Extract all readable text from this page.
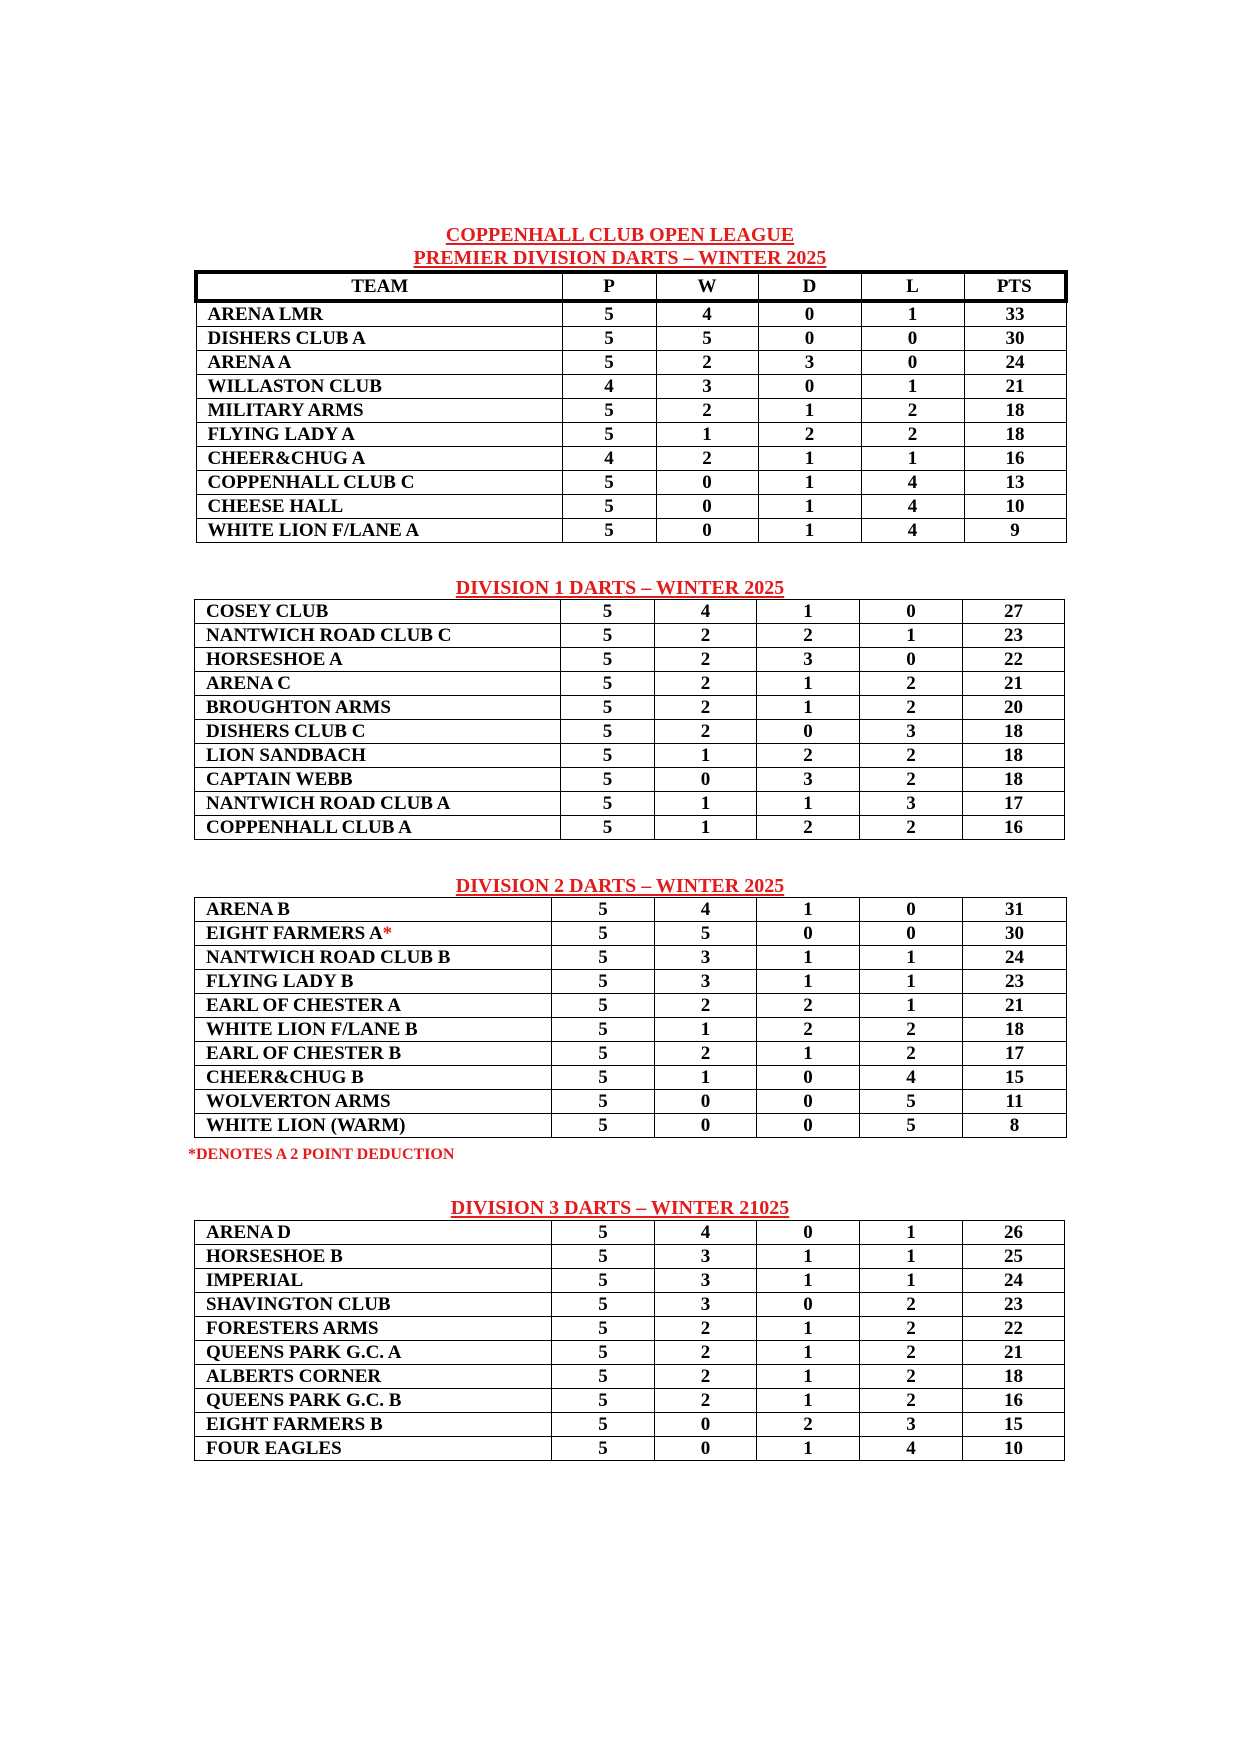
COPPENHALL CLUB OPEN LEAGUE
PREMIER DIVISION DARTS – WINTER 2025
TEAM	P	W	D	L	PTS
ARENA LMR	5	4	0	1	33
DISHERS CLUB A	5	5	0	0	30
ARENA A	5	2	3	0	24
WILLASTON CLUB	4	3	0	1	21
MILITARY ARMS	5	2	1	2	18
FLYING LADY A	5	1	2	2	18
CHEER&CHUG A	4	2	1	1	16
COPPENHALL CLUB C	5	0	1	4	13
CHEESE HALL	5	0	1	4	10
WHITE LION F/LANE A	5	0	1	4	9
DIVISION 1 DARTS – WINTER 2025
COSEY CLUB	5	4	1	0	27
NANTWICH ROAD CLUB C	5	2	2	1	23
HORSESHOE A	5	2	3	0	22
ARENA C	5	2	1	2	21
BROUGHTON ARMS	5	2	1	2	20
DISHERS CLUB C	5	2	0	3	18
LION SANDBACH	5	1	2	2	18
CAPTAIN WEBB	5	0	3	2	18
NANTWICH ROAD CLUB A	5	1	1	3	17
COPPENHALL CLUB A	5	1	2	2	16
DIVISION 2 DARTS – WINTER 2025
ARENA B	5	4	1	0	31
EIGHT FARMERS A*	5	5	0	0	30
NANTWICH ROAD CLUB B	5	3	1	1	24
FLYING LADY B	5	3	1	1	23
EARL OF CHESTER A	5	2	2	1	21
WHITE LION F/LANE B	5	1	2	2	18
EARL OF CHESTER B	5	2	1	2	17
CHEER&CHUG B	5	1	0	4	15
WOLVERTON ARMS	5	0	0	5	11
WHITE LION (WARM)	5	0	0	5	8
*DENOTES A 2 POINT DEDUCTION
DIVISION 3 DARTS – WINTER 21025
ARENA D	5	4	0	1	26
HORSESHOE B	5	3	1	1	25
IMPERIAL	5	3	1	1	24
SHAVINGTON CLUB	5	3	0	2	23
FORESTERS ARMS	5	2	1	2	22
QUEENS PARK G.C. A	5	2	1	2	21
ALBERTS CORNER	5	2	1	2	18
QUEENS PARK G.C. B	5	2	1	2	16
EIGHT FARMERS B	5	0	2	3	15
FOUR EAGLES	5	0	1	4	10
